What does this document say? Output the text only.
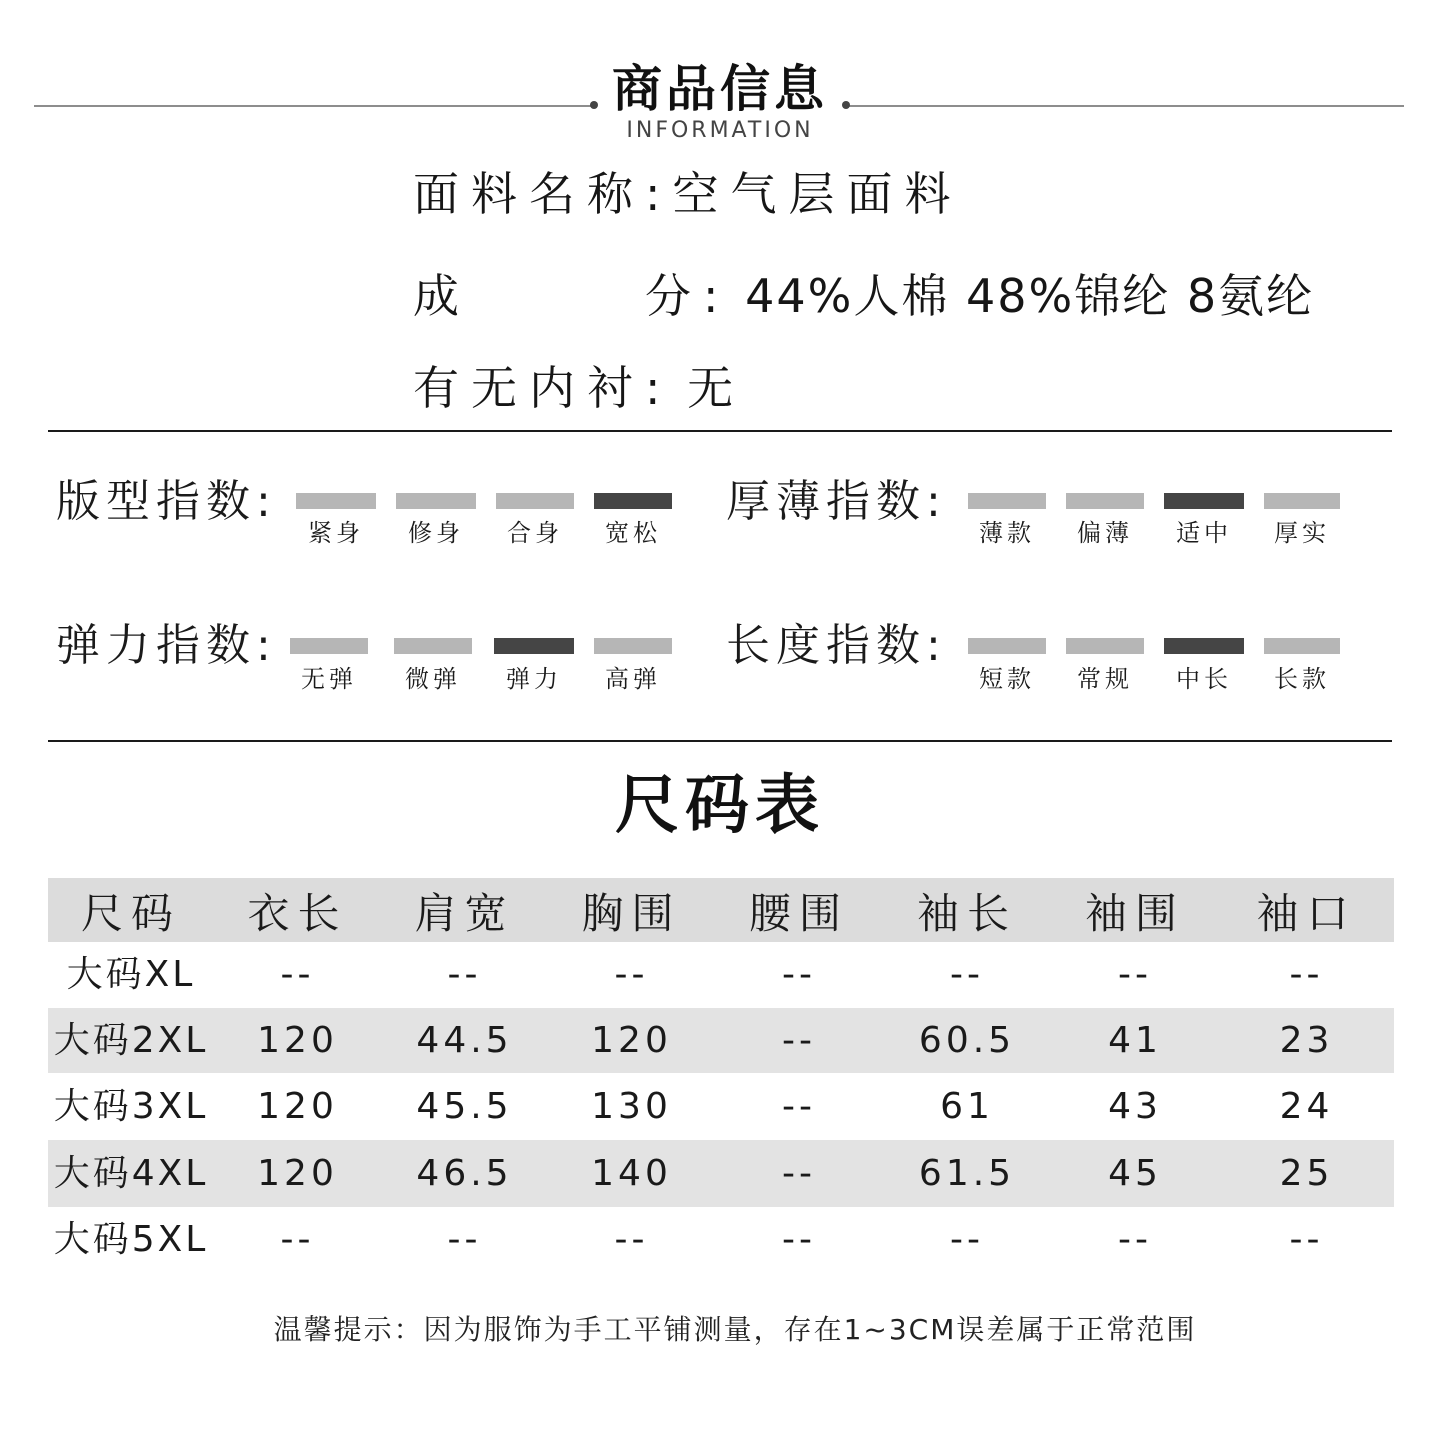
商品信息
INFORMATION
面料名称:空气层面料
成　　　分: 44%人棉 48%锦纶 8氨纶
有无内衬: 无
版型指数:
紧身	修身	合身	宽松
厚薄指数:
薄款	偏薄	适中	厚实
弹力指数:
无弹	微弹	弹力	高弹
长度指数:
短款	常规	中长	长款
尺码表
尺码	衣长	肩宽	胸围	腰围	袖长	袖围	袖口
大码XL	--	--	--	--	--	--	--
大码2XL	120	44.5	120	--	60.5	41	23
大码3XL	120	45.5	130	--	61	43	24
大码4XL	120	46.5	140	--	61.5	45	25
大码5XL	--	--	--	--	--	--	--
温馨提示：因为服饰为手工平铺测量，存在1~3CM误差属于正常范围
